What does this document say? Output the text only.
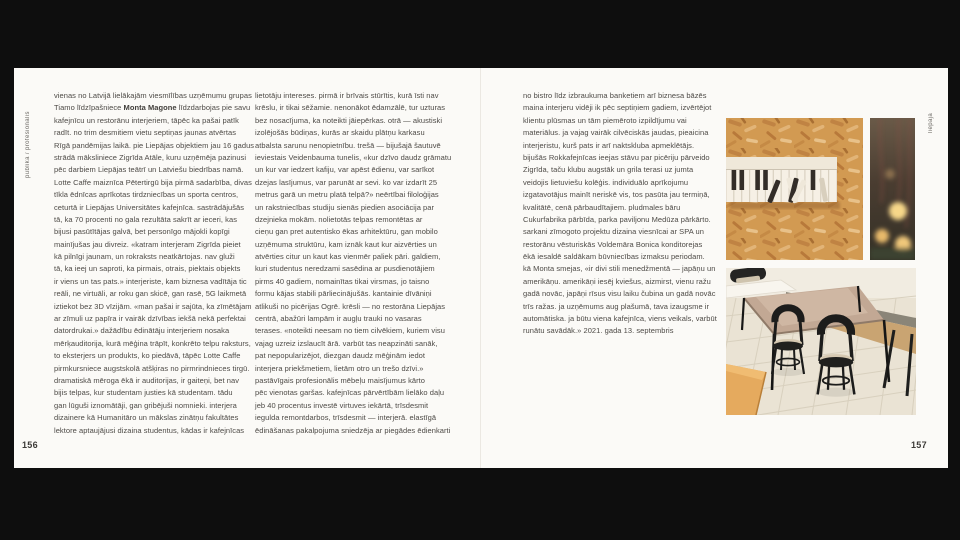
publika / profesionālis
vienas no Latvijā lielākajām viesmīlības uzņēmumu grupas
Tiamo līdzīpašniece Monta Magone līdzdarbojas pie savu
kafejnīcu un restorānu interjeriem, tāpēc ka pašai patīk
radīt. no trim desmitiem vietu septiņas jaunas atvērtas
Rīgā pandēmijas laikā. pie Liepājas objektiem jau 16 gadus
strādā māksliniece Zigrīda Atāle, kuru uzņēmēja pazinusi
pēc darbiem Liepājas teātrī un Latviešu biedrības namā.
Lotte Caffe maiznīca Pētertirgū bija pirmā sadarbība, divas
tīkla ēdnīcas aprīkotas tirdzniecības un sporta centros,
ceturtā ir Liepājas Universitātes kafejnīca. sastrādājušās
tā, ka 70 procenti no gala rezultāta sakrīt ar ieceri, kas
bijusi pasūtītājas galvā, bet personīgo mājokli kopīgi
mainījušas jau divreiz. «katram interjeram Zigrīda pieiet
kā pilnīgi jaunam, un rokraksts neatkārtojas. nav gluži
tā, ka ieej un saproti, ka pirmais, otrais, piektais objekts
ir viens un tas pats.» interjeriste, kam biznesa vadītāja tic
reāli, ne virtuāli, ar roku gan skicē, gan rasē, 5G laikmetā
iztiekot bez 3D vīzijām. «man pašai ir sajūta, ka zīmētājam
ar zīmuli uz papīra ir vairāk dzīvības iekšā nekā perfektai
datordrukai.» dažādību ēdinātāju interjeriem nosaka
mērķauditorija, kurā mēģina trāpīt, konkrēto telpu raksturs,
to eksterjers un produkts, ko piedāvā, tāpēc Lotte Caffe
pirmkursniece augstskolā atšķiras no pirmrindnieces tirgū.
dramatiskā mēroga ēkā ir auditorijas, ir gaiteņi, bet nav
bijis telpas, kur studentam justies kā studentam. tādu
gan lūguši iznomātāji, gan gribējuši nomnieki. interjera
dizainere kā Humanitāro un mākslas zinātņu fakultātes
lektore aptaujājusi dizaina studentus, kādas ir kafejnīcas
lietotāju intereses. pirmā ir brīvais stūrītis, kurā īsti nav
krēslu, ir tikai sēžamie. nenonākot ēdamzālē, tur uzturas
bez nosacījuma, ka noteikti jāiepērkas. otrā — akustiski
izolējošās būdiņas, kurās ar skaidu plātņu karkasu
atbalsta sarunu nenopietnību. trešā — bijušajā šautuvē
ieviestais Veidenbauma tunelis, «kur dzīvo daudz grāmatu
un kur var iedzert kafiju, var apēst ēdienu, var sarīkot
dzejas lasījumus, var parunāt ar sevi. ko var izdarīt 25
metrus garā un metru platā telpā?» neērtībai filoloģijas
un rakstniecības studiju sienās piedien asociācija par
dzejnieka mokām. nolietotās telpas remontētas ar
cieņu gan pret autentisko ēkas arhitektūru, gan mobilo
uzņēmuma struktūru, kam iznāk kaut kur aizvērties un
atvērties citur un kaut kas vienmēr paliek pāri. galdiem,
kuri studentus neredzami sasēdina ar pusdienotājiem
pirms 40 gadiem, nomainītas tikai virsmas, jo taisno
formu kājas stabili pārliecinājušās. kantainie dīvāniņi
atlikuši no picērijas Ogrē. krēsli — no restorāna Liepājas
centrā, abažūri lampām ir augļu trauki no vasaras
terases. «noteikti neesam no tiem cilvēkiem, kuriem visu
vajag uzreiz izslaucīt ārā. varbūt tas neapzināti sanāk,
pat nepopularizējot, diezgan daudz mēģinām iedot
interjera priekšmetiem, lietām otro un trešo dzīvi.»
pastāvīgais profesionālis mēbeļu maisījumus kārto
pēc vienotas garšas. kafejnīcas pārvērtībām lielāko daļu
jeb 40 procentus investē virtuves iekārtā, trīsdesmit
iegulda remontdarbos, trīsdesmit — interjerā. elastīgā
ēdināšanas pakalpojuma sniedzēja ar piegādes ēdienkarti
no bistro līdz izbraukuma banketiem arī biznesa bāzēs
maina interjeru vidēji ik pēc septiņiem gadiem, izvērtējot
klientu plūsmas un tām piemēroto izpildījumu vai
materiālus. ja vajag vairāk cilvēciskās jaudas, pieaicina
interjeristu, kurš pats ir arī naktskluba apmeklētājs.
bijušās Rokkafejnīcas ieejas stāvu par picēriju pārveido
Zigrīda, taču klubu augstāk un grila terasi uz jumta
veidojis lietuviešu kolēģis. individuālo aprīkojumu
izgatavotājus mainīt neriskē vis, tos pasūta jau termiņā,
kvalitātē, cenā pārbaudītajiem. pludmales bāru
Cukurfabrika pārbīda, parka paviljonu Medūza pārkārto.
sarkani zīmogoto projektu dizaina viesnīcai ar SPA un
restorānu vēsturiskās Voldemāra Bonica konditorejas
ēkā iesaldē saldākam būvniecības izmaksu periodam.
kā Monta smejas, «ir divi stili menedžmentā — japāņu un
amerikāņu. amerikāņi iesēj kviešus, aizmirst, vienu ražu
gadā novāc, japāņi rīsus visu laiku čubina un gadā novāc
trīs ražas. ja uzņēmums aug plašumā, tava izaugsme ir
automātiska. ja būtu viena kafejnīca, viens veikals, varbūt
runātu savādāk.» 2021. gada 13. septembris
liepāja
156	157
